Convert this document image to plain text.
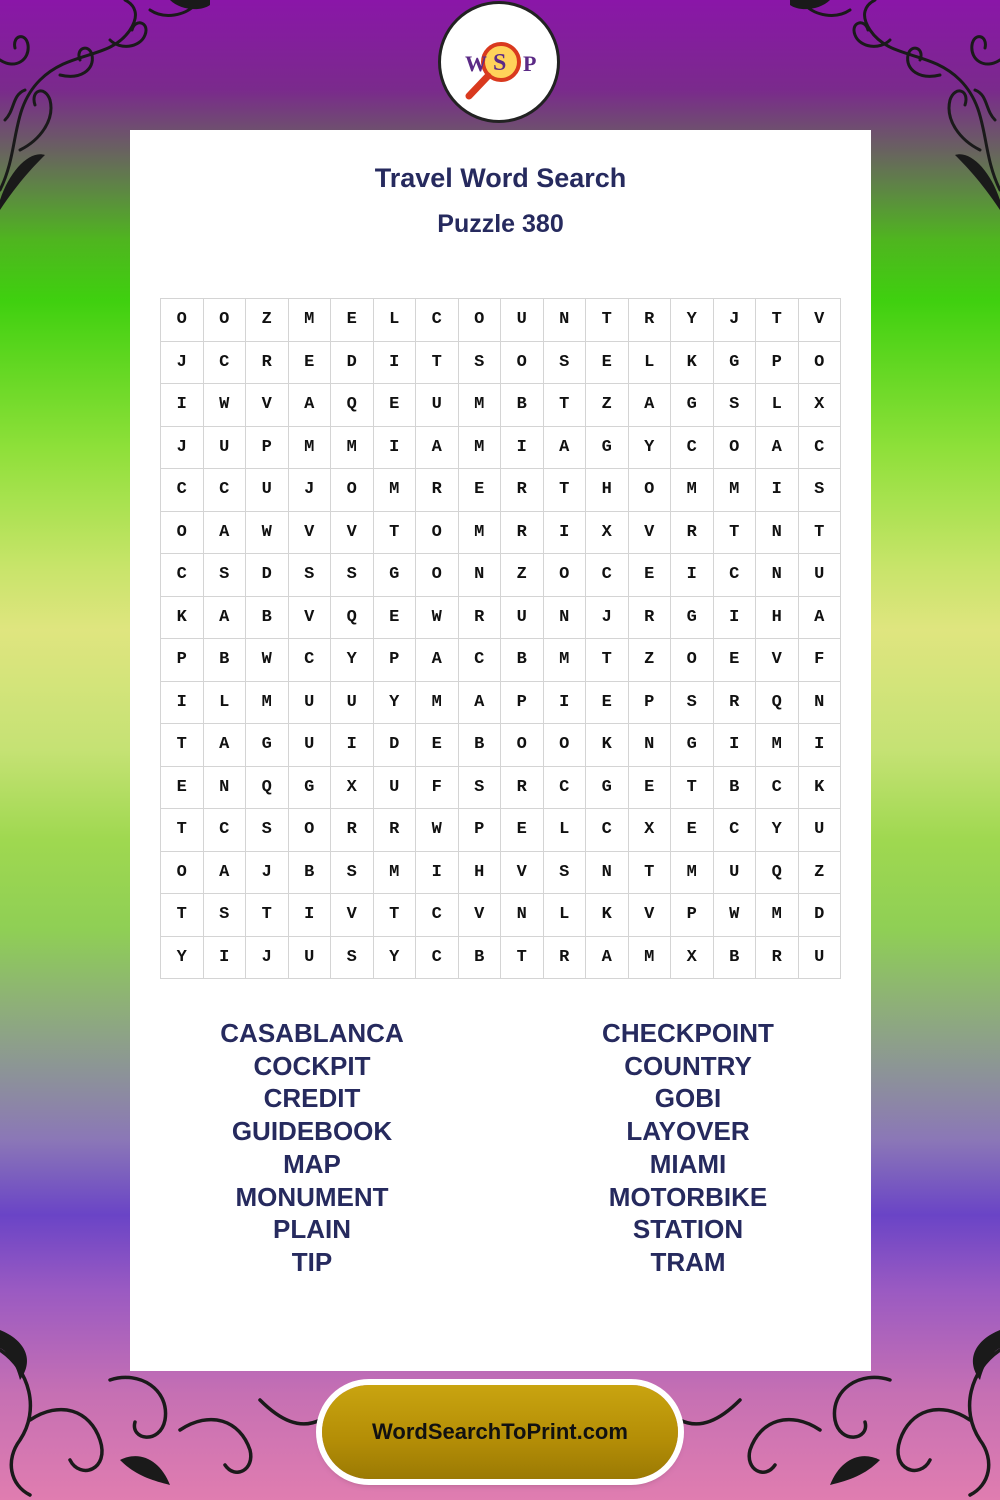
W S P
Travel Word Search
Puzzle 380
O	O	Z	M	E	L	C	O	U	N	T	R	Y	J	T	V
J	C	R	E	D	I	T	S	O	S	E	L	K	G	P	O
I	W	V	A	Q	E	U	M	B	T	Z	A	G	S	L	X
J	U	P	M	M	I	A	M	I	A	G	Y	C	O	A	C
C	C	U	J	O	M	R	E	R	T	H	O	M	M	I	S
O	A	W	V	V	T	O	M	R	I	X	V	R	T	N	T
C	S	D	S	S	G	O	N	Z	O	C	E	I	C	N	U
K	A	B	V	Q	E	W	R	U	N	J	R	G	I	H	A
P	B	W	C	Y	P	A	C	B	M	T	Z	O	E	V	F
I	L	M	U	U	Y	M	A	P	I	E	P	S	R	Q	N
T	A	G	U	I	D	E	B	O	O	K	N	G	I	M	I
E	N	Q	G	X	U	F	S	R	C	G	E	T	B	C	K
T	C	S	O	R	R	W	P	E	L	C	X	E	C	Y	U
O	A	J	B	S	M	I	H	V	S	N	T	M	U	Q	Z
T	S	T	I	V	T	C	V	N	L	K	V	P	W	M	D
Y	I	J	U	S	Y	C	B	T	R	A	M	X	B	R	U
CASABLANCA
COCKPIT
CREDIT
GUIDEBOOK
MAP
MONUMENT
PLAIN
TIP
CHECKPOINT
COUNTRY
GOBI
LAYOVER
MIAMI
MOTORBIKE
STATION
TRAM
WordSearchToPrint.com
